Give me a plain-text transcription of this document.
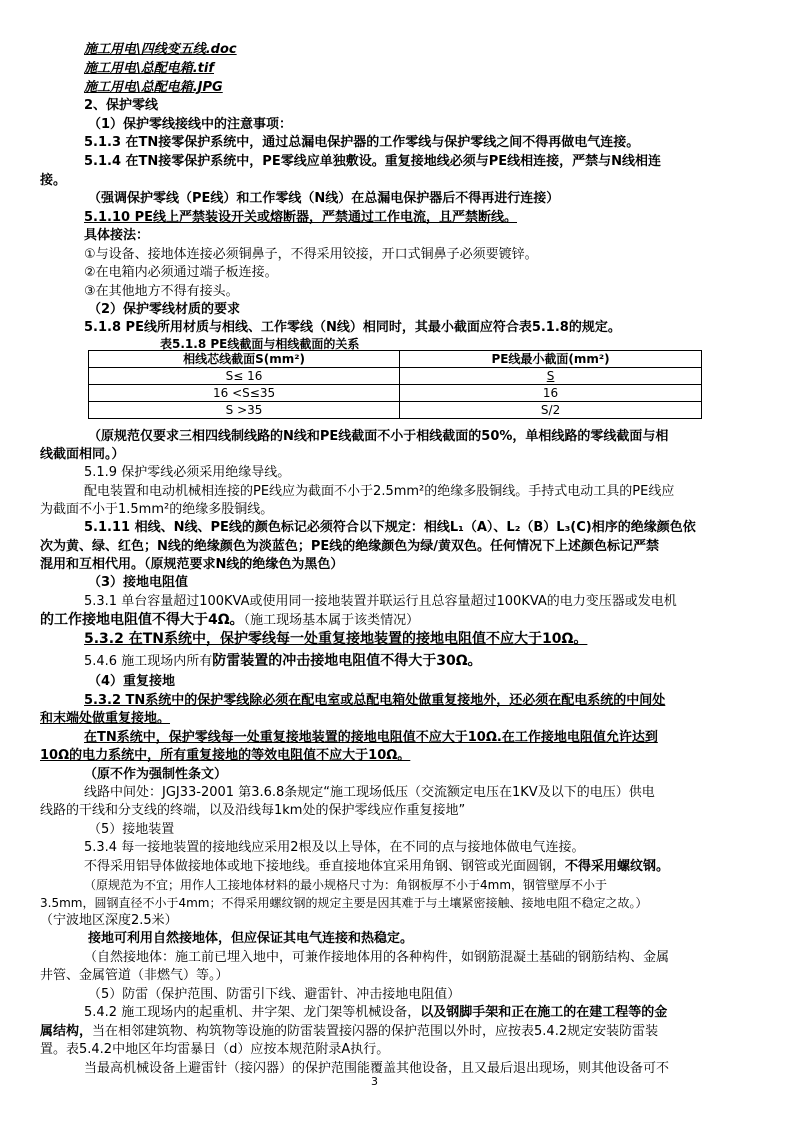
施工用电\四线变五线.doc
施工用电\总配电箱.tif
施工用电\总配电箱.JPG
2、保护零线
（1）保护零线接线中的注意事项：
5.1.3 在TN接零保护系统中，通过总漏电保护器的工作零线与保护零线之间不得再做电气连接。
5.1.4 在TN接零保护系统中，PE零线应单独敷设。重复接地线必须与PE线相连接，严禁与N线相连
接。
（强调保护零线（PE线）和工作零线（N线）在总漏电保护器后不得再进行连接）
5.1.10 PE线上严禁装设开关或熔断器，严禁通过工作电流，且严禁断线。
具体接法：
①与设备、接地体连接必须铜鼻子，不得采用铰接，开口式铜鼻子必须要镀锌。
②在电箱内必须通过端子板连接。
③在其他地方不得有接头。
（2）保护零线材质的要求
5.1.8 PE线所用材质与相线、工作零线（N线）相同时，其最小截面应符合表5.1.8的规定。
表5.1.8 PE线截面与相线截面的关系
相线芯线截面S(mm²)	PE线最小截面(mm²)
S≤ 16	S
16 <S≤35	16
S >35	S/2
（原规范仅要求三相四线制线路的N线和PE线截面不小于相线截面的50%，单相线路的零线截面与相
线截面相同。）
5.1.9 保护零线必须采用绝缘导线。
配电装置和电动机械相连接的PE线应为截面不小于2.5mm²的绝缘多股铜线。手持式电动工具的PE线应
为截面不小于1.5mm²的绝缘多股铜线。
5.1.11 相线、N线、PE线的颜色标记必须符合以下规定：相线L₁（A）、L₂（B）L₃(C)相序的绝缘颜色依
次为黄、绿、红色；N线的绝缘颜色为淡蓝色；PE线的绝缘颜色为绿/黄双色。任何情况下上述颜色标记严禁
混用和互相代用。（原规范要求N线的绝缘色为黑色）
（3）接地电阻值
5.3.1 单台容量超过100KVA或使用同一接地装置并联运行且总容量超过100KVA的电力变压器或发电机
的工作接地电阻值不得大于4Ω。（施工现场基本属于该类情况）
5.3.2 在TN系统中，保护零线每一处重复接地装置的接地电阻值不应大于10Ω。
5.4.6 施工现场内所有防雷装置的冲击接地电阻值不得大于30Ω。
（4）重复接地
5.3.2 TN系统中的保护零线除必须在配电室或总配电箱处做重复接地外，还必须在配电系统的中间处
和末端处做重复接地。
在TN系统中，保护零线每一处重复接地装置的接地电阻值不应大于10Ω.在工作接地电阻值允许达到
10Ω的电力系统中，所有重复接地的等效电阻值不应大于10Ω。
（原不作为强制性条文）
线路中间处：JGJ33-2001 第3.6.8条规定“施工现场低压（交流额定电压在1KV及以下的电压）供电
线路的干线和分支线的终端，以及沿线每1km处的保护零线应作重复接地”
（5）接地装置
5.3.4 每一接地装置的接地线应采用2根及以上导体，在不同的点与接地体做电气连接。
不得采用铝导体做接地体或地下接地线。垂直接地体宜采用角钢、钢管或光面圆钢，不得采用螺纹钢。
（原规范为不宜；用作人工接地体材料的最小规格尺寸为：角钢板厚不小于4mm，钢管壁厚不小于
3.5mm，圆钢直径不小于4mm；不得采用螺纹钢的规定主要是因其难于与土壤紧密接触、接地电阻不稳定之故。）
（宁波地区深度2.5米）
接地可利用自然接地体，但应保证其电气连接和热稳定。
（自然接地体：施工前已埋入地中，可兼作接地体用的各种构件，如钢筋混凝土基础的钢筋结构、金属
井管、金属管道（非燃气）等。）
（5）防雷（保护范围、防雷引下线、避雷针、冲击接地电阻值）
5.4.2 施工现场内的起重机、井字架、龙门架等机械设备，以及钢脚手架和正在施工的在建工程等的金
属结构，当在相邻建筑物、构筑物等设施的防雷装置接闪器的保护范围以外时，应按表5.4.2规定安装防雷装
置。表5.4.2中地区年均雷暴日（d）应按本规范附录A执行。
当最高机械设备上避雷针（接闪器）的保护范围能覆盖其他设备，且又最后退出现场，则其他设备可不
3
